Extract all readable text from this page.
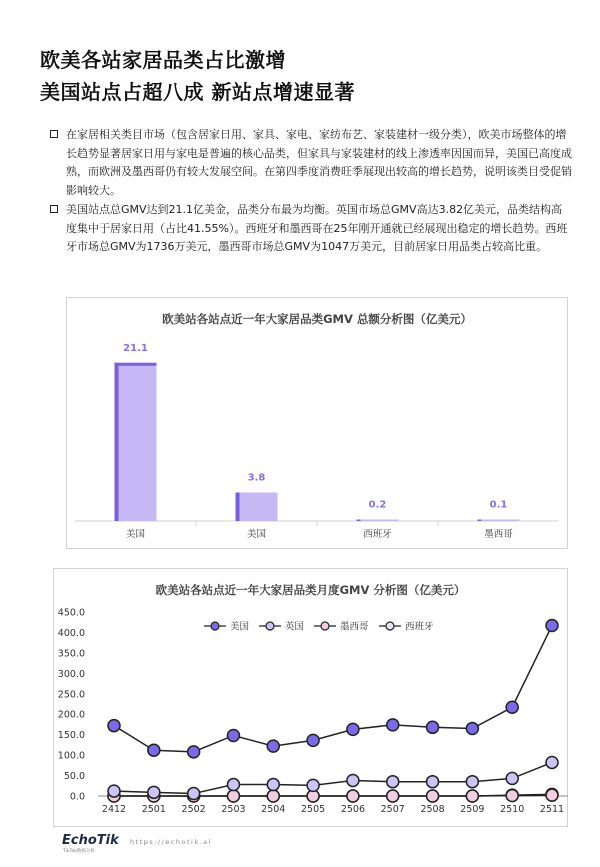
欧美各站家居品类占比激增
美国站点占超八成 新站点增速显著
在家居相关类目市场（包含居家日用、家具、家电、家纺布艺、家装建材一级分类），欧美市场整体的增长趋势显著居家日用与家电是普遍的核心品类，但家具与家装建材的线上渗透率因国而异，美国已高度成熟，而欧洲及墨西哥仍有较大发展空间。在第四季度消费旺季展现出较高的增长趋势，说明该类目受促销影响较大。
美国站点总GMV达到21.1亿美金，品类分布最为均衡。英国市场总GMV高达3.82亿美元，品类结构高度集中于居家日用（占比41.55%）。西班牙和墨西哥在25年刚开通就已经展现出稳定的增长趋势。西班牙市场总GMV为1736万美元，墨西哥市场总GMV为1047万美元，目前居家日用品类占较高比重。
欧美站各站点近一年大家居品类GMV 总额分析图（亿美元）
21.1
美国
3.8
美国
0.2
西班牙
0.1
墨西哥
欧美站各站点近一年大家居品类月度GMV 分析图（亿美元）
0.0
50.0
100.0
150.0
200.0
250.0
300.0
350.0
400.0
450.0
2412 2501 2502 2503 2504 2505 2506 2507 2508 2509 2510 2511
美国	英国	墨西哥	西班牙
EchoTik
TikTok数据分析
https://echotik.ai
